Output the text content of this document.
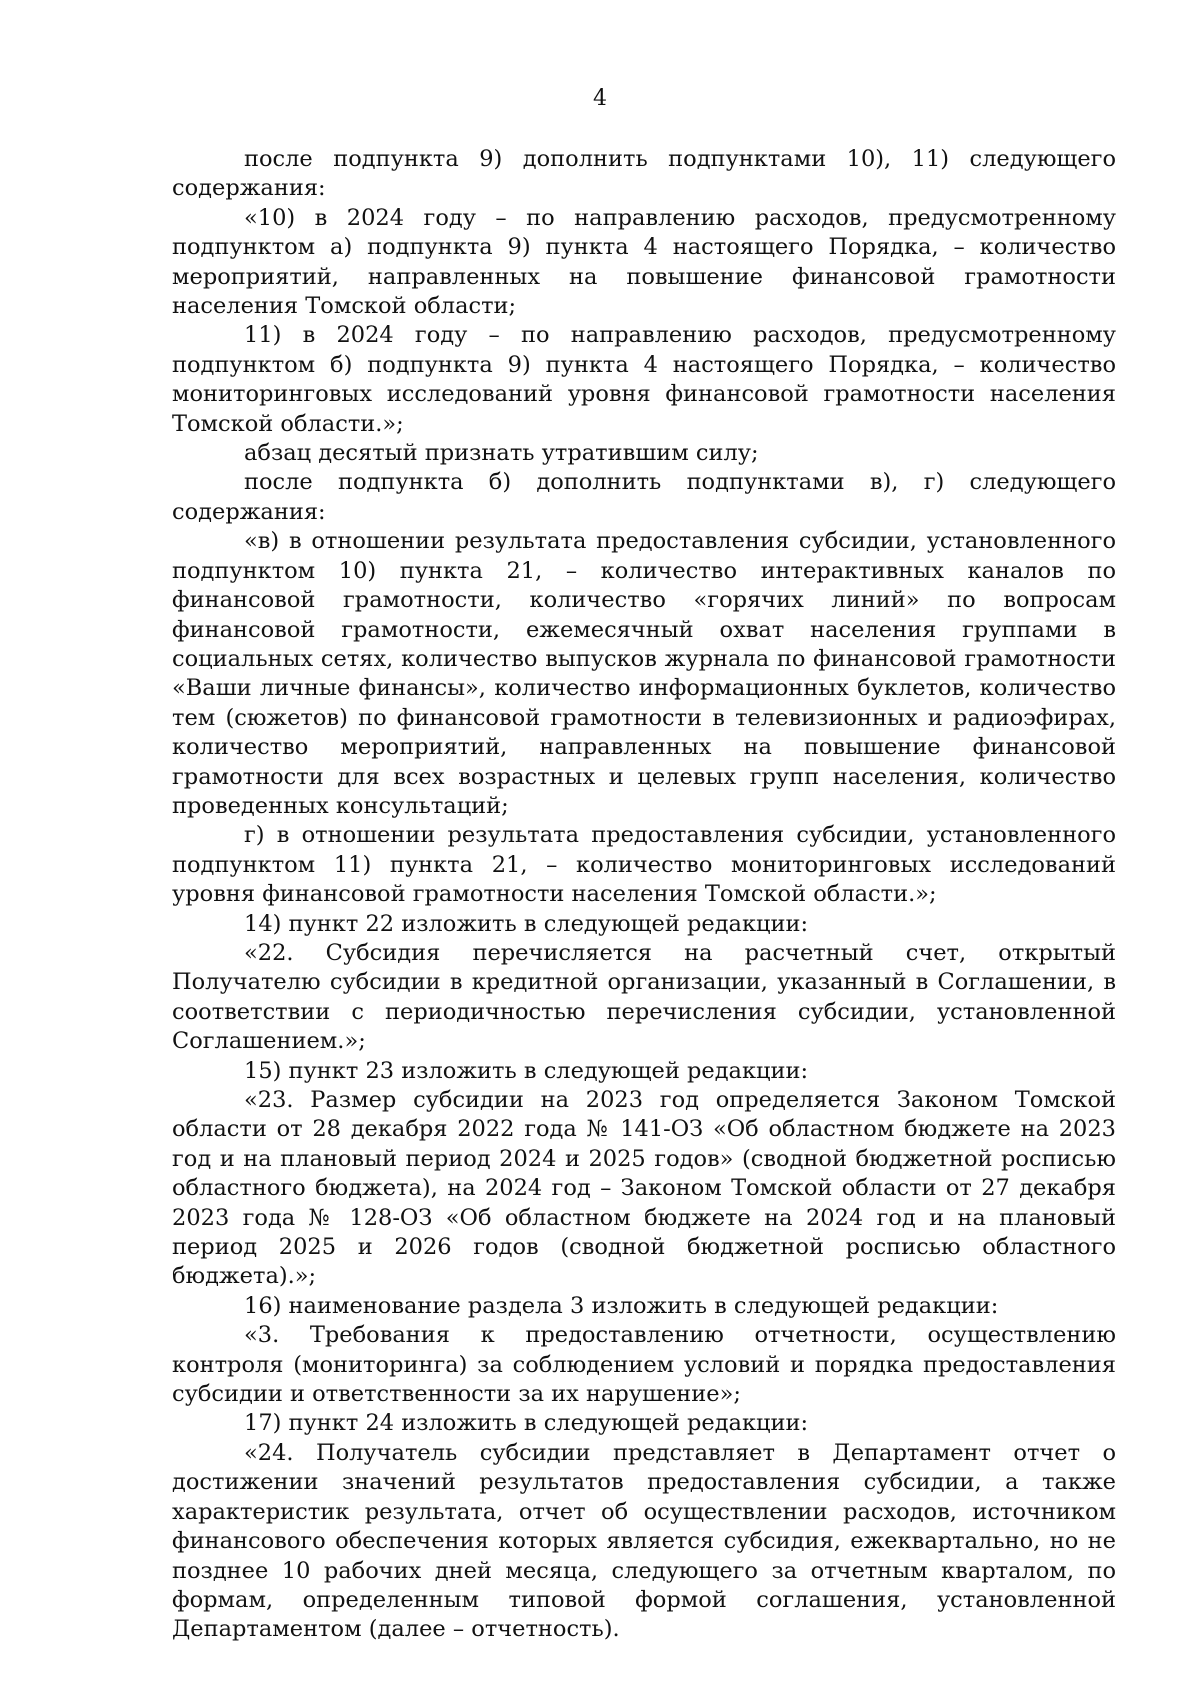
4

после подпункта 9) дополнить подпунктами 10), 11) следующего содержания:

«10) в 2024 году – по направлению расходов, предусмотренному подпунктом а) подпункта 9) пункта 4 настоящего Порядка, – количество мероприятий, направленных на повышение финансовой грамотности населения Томской области;

11) в 2024 году – по направлению расходов, предусмотренному подпунктом б) подпункта 9) пункта 4 настоящего Порядка, – количество мониторинговых исследований уровня финансовой грамотности населения Томской области.»;

абзац десятый признать утратившим силу;

после подпункта б) дополнить подпунктами в), г) следующего содержания:

«в) в отношении результата предоставления субсидии, установленного подпунктом 10) пункта 21, – количество интерактивных каналов по финансовой грамотности, количество «горячих линий» по вопросам финансовой грамотности, ежемесячный охват населения группами в социальных сетях, количество выпусков журнала по финансовой грамотности «Ваши личные финансы», количество информационных буклетов, количество тем (сюжетов) по финансовой грамотности в телевизионных и радиоэфирах, количество мероприятий, направленных на повышение финансовой грамотности для всех возрастных и целевых групп населения, количество проведенных консультаций;

г) в отношении результата предоставления субсидии, установленного подпунктом 11) пункта 21, – количество мониторинговых исследований уровня финансовой грамотности населения Томской области.»;

14) пункт 22 изложить в следующей редакции:

«22. Субсидия перечисляется на расчетный счет, открытый Получателю субсидии в кредитной организации, указанный в Соглашении, в соответствии с периодичностью перечисления субсидии, установленной Соглашением.»;

15) пункт 23 изложить в следующей редакции:

«23. Размер субсидии на 2023 год определяется Законом Томской области от 28 декабря 2022 года № 141-ОЗ «Об областном бюджете на 2023 год и на плановый период 2024 и 2025 годов» (сводной бюджетной росписью областного бюджета), на 2024 год – Законом Томской области от 27 декабря 2023 года № 128-ОЗ «Об областном бюджете на 2024 год и на плановый период 2025 и 2026 годов (сводной бюджетной росписью областного бюджета).»;

16) наименование раздела 3 изложить в следующей редакции:

«3. Требования к предоставлению отчетности, осуществлению контроля (мониторинга) за соблюдением условий и порядка предоставления субсидии и ответственности за их нарушение»;

17) пункт 24 изложить в следующей редакции:

«24. Получатель субсидии представляет в Департамент отчет о достижении значений результатов предоставления субсидии, а также характеристик результата, отчет об осуществлении расходов, источником финансового обеспечения которых является субсидия, ежеквартально, но не позднее 10 рабочих дней месяца, следующего за отчетным кварталом, по формам, определенным типовой формой соглашения, установленной Департаментом (далее – отчетность).
